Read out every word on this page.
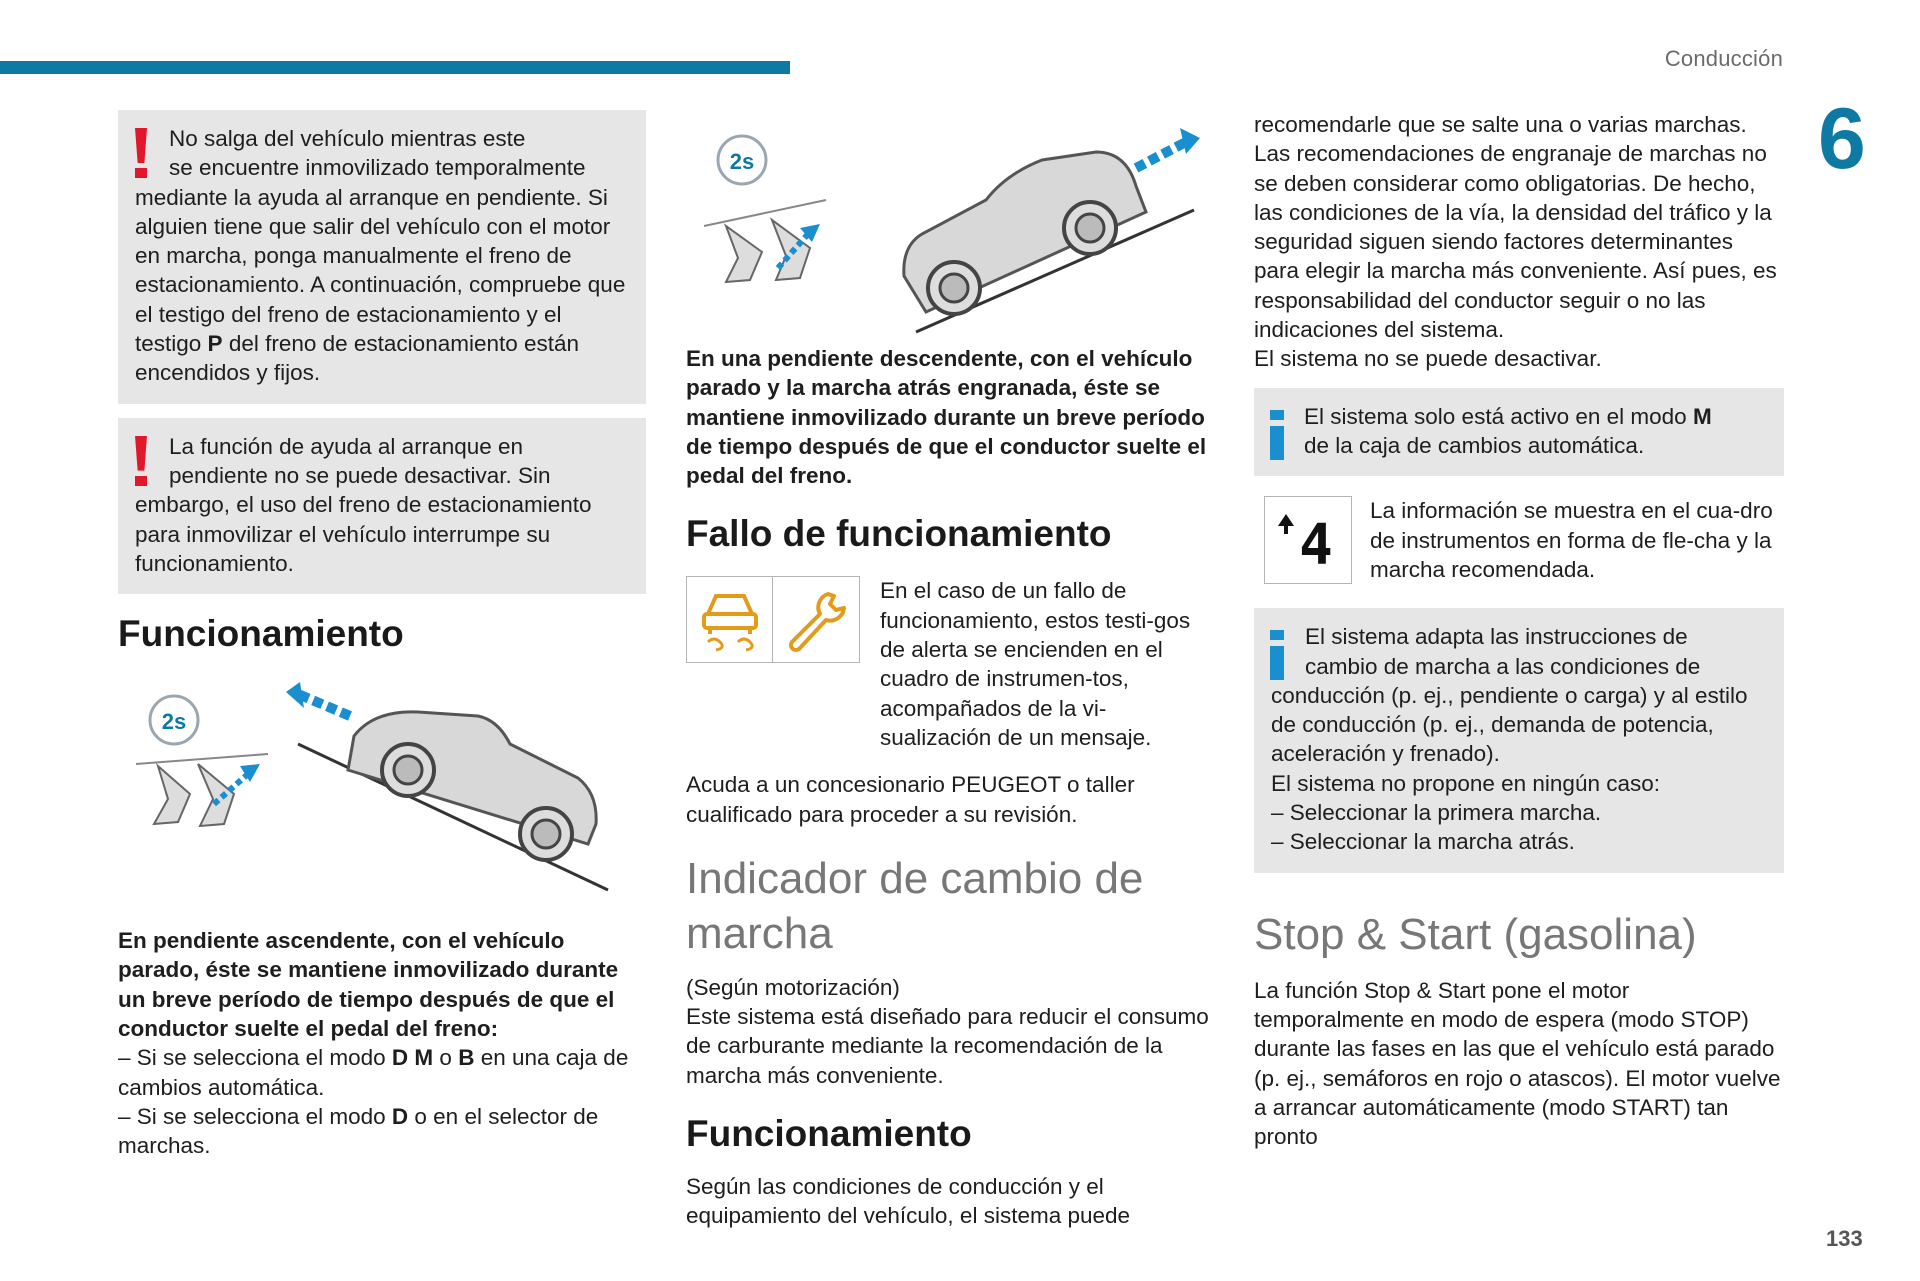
Conducción
6
133

No salga del vehículo mientras este
se encuentre inmovilizado temporalmente mediante la ayuda al arranque en pendiente. Si alguien tiene que salir del vehículo con el motor en marcha, ponga manualmente el freno de estacionamiento. A continuación, compruebe que el testigo del freno de estacionamiento y el testigo P del freno de estacionamiento están encendidos y fijos.

La función de ayuda al arranque en
pendiente no se puede desactivar. Sin embargo, el uso del freno de estacionamiento para inmovilizar el vehículo interrumpe su funcionamiento.

Funcionamiento
2s

En pendiente ascendente, con el vehículo parado, éste se mantiene inmovilizado durante un breve período de tiempo después de que el conductor suelte el pedal del freno:

– Si se selecciona el modo D M o B en una caja de cambios automática.

– Si se selecciona el modo D o en el selector de marchas.

2s

En una pendiente descendente, con el vehículo parado y la marcha atrás engranada, éste se mantiene inmovilizado durante un breve período de tiempo después de que el conductor suelte el pedal del freno.

Fallo de funcionamiento

En el caso de un fallo de funcionamiento, estos testi-gos de alerta se encienden en el cuadro de instrumen-tos, acompañados de la vi-sualización de un mensaje.

Acuda a un concesionario PEUGEOT o taller cualificado para proceder a su revisión.

Indicador de cambio de marcha

(Según motorización)

Este sistema está diseñado para reducir el consumo de carburante mediante la recomendación de la marcha más conveniente.

Funcionamiento

Según las condiciones de conducción y el equipamiento del vehículo, el sistema puede

recomendarle que se salte una o varias marchas.

Las recomendaciones de engranaje de marchas no se deben considerar como obligatorias. De hecho, las condiciones de la vía, la densidad del tráfico y la seguridad siguen siendo factores determinantes para elegir la marcha más conveniente. Así pues, es responsabilidad del conductor seguir o no las indicaciones del sistema.

El sistema no se puede desactivar.

El sistema solo está activo en el modo M
de la caja de cambios automática.

4

La información se muestra en el cua-dro de instrumentos en forma de fle-cha y la marcha recomendada.

El sistema adapta las instrucciones de
cambio de marcha a las condiciones de conducción (p. ej., pendiente o carga) y al estilo de conducción (p. ej., demanda de potencia, aceleración y frenado).

El sistema no propone en ningún caso:

– Seleccionar la primera marcha.

– Seleccionar la marcha atrás.

Stop & Start (gasolina)

La función Stop & Start pone el motor temporalmente en modo de espera (modo STOP) durante las fases en las que el vehículo está parado (p. ej., semáforos en rojo o atascos). El motor vuelve a arrancar automáticamente (modo START) tan pronto
